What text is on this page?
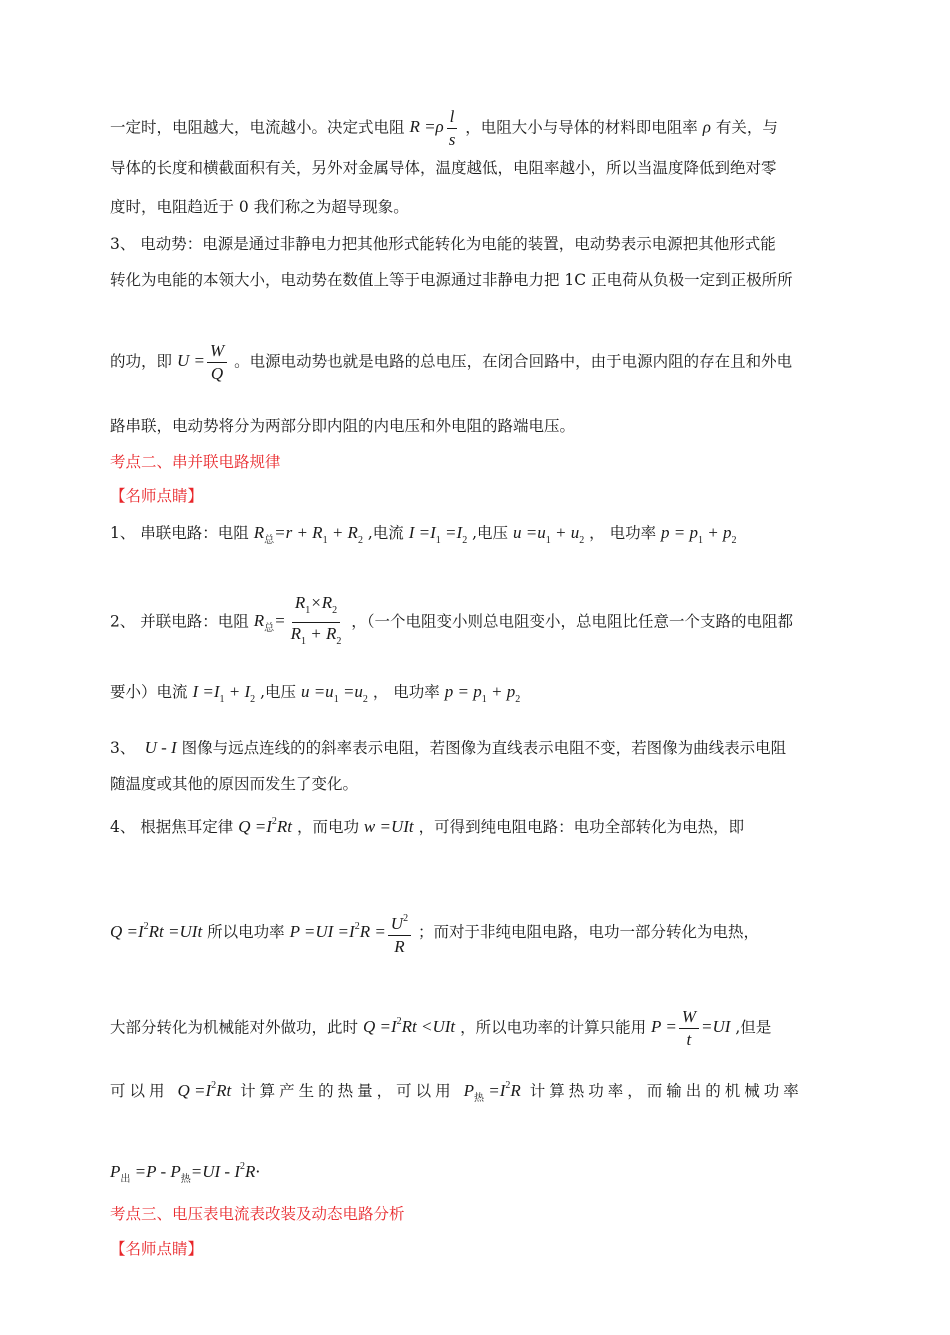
一定时，电阻越大，电流越小。决定式电阻 $R =\rho \frac{l}{s}$ ，电阻大小与导体的材料即电阻率 ρ 有关，与
导体的长度和横截面积有关，另外对金属导体，温度越低，电阻率越小，所以当温度降低到绝对零
度时，电阻趋近于 0 我们称之为超导现象。
3、 电动势：电源是通过非静电力把其他形式能转化为电能的装置，电动势表示电源把其他形式能
转化为电能的本领大小，电动势在数值上等于电源通过非静电力把 1C 正电荷从负极一定到正极所所
的功，即 $U = \frac{W}{Q}$ 。电源电动势也就是电路的总电压，在闭合回路中，由于电源内阻的存在且和外电
路串联，电动势将分为两部分即内阻的内电压和外电阻的路端电压。
考点二、串并联电路规律
【名师点睛】
1、 串联电路：电阻 $R_总=r + R_1 + R_2$ ,电流 $I =I_1 =I_2$ ,电压 $u =u_1 + u_2$ ， 电功率 $p = p_1 + p_2$
2、 并联电路：电阻 $R_总= \frac{R_1\times R_2}{R_1 + R_2}$ ，（一个电阻变小则总电阻变小，总电阻比任意一个支路的电阻都
要小）电流 $I =I_1 + I_2$ ,电压 $u =u_1 =u_2$ ， 电功率 $p = p_1 + p_2$
3、  U - I 图像与远点连线的的斜率表示电阻，若图像为直线表示电阻不变，若图像为曲线表示电阻
随温度或其他的原因而发生了变化。
4、 根据焦耳定律 $Q =I^2Rt$ ，而电功 w =UIt ，可得到纯电阻电路：电功全部转化为电热，即
$Q =I^2Rt =UIt$ 所以电功率 $P =UI =I^2R = \frac{U^2}{R}$ ；而对于非纯电阻电路，电功一部分转化为电热，
大部分转化为机械能对外做功，此时 $Q =I^2Rt <UIt$ ，所以电功率的计算只能用 $P = \frac{W}{t} =UI$ ,但是
可以用 $Q =I^2Rt$ 计算产生的热量，可以用 $P_热 =I^2R$ 计算热功率，而输出的机械功率
$P_出 =P - P_热=UI - I^2R\cdot$
考点三、电压表电流表改装及动态电路分析
【名师点睛】
